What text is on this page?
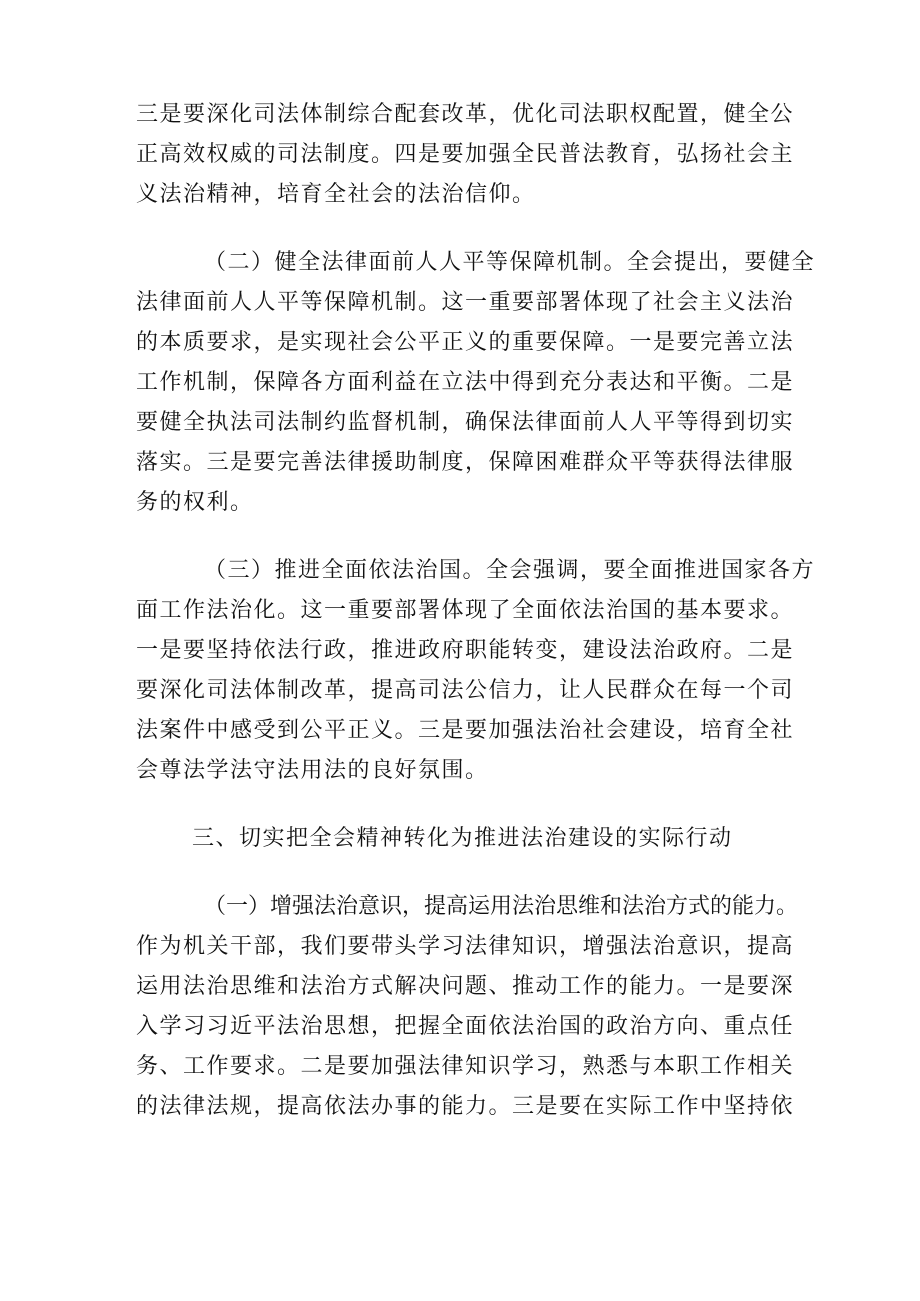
三是要深化司法体制综合配套改革，优化司法职权配置，健全公
正高效权威的司法制度。四是要加强全民普法教育，弘扬社会主
义法治精神，培育全社会的法治信仰。
（二）健全法律面前人人平等保障机制。全会提出，要健全
法律面前人人平等保障机制。这一重要部署体现了社会主义法治
的本质要求，是实现社会公平正义的重要保障。一是要完善立法
工作机制，保障各方面利益在立法中得到充分表达和平衡。二是
要健全执法司法制约监督机制，确保法律面前人人平等得到切实
落实。三是要完善法律援助制度，保障困难群众平等获得法律服
务的权利。
（三）推进全面依法治国。全会强调，要全面推进国家各方
面工作法治化。这一重要部署体现了全面依法治国的基本要求。
一是要坚持依法行政，推进政府职能转变，建设法治政府。二是
要深化司法体制改革，提高司法公信力，让人民群众在每一个司
法案件中感受到公平正义。三是要加强法治社会建设，培育全社
会尊法学法守法用法的良好氛围。
三、切实把全会精神转化为推进法治建设的实际行动
（一）增强法治意识，提高运用法治思维和法治方式的能力。
作为机关干部，我们要带头学习法律知识，增强法治意识，提高
运用法治思维和法治方式解决问题、推动工作的能力。一是要深
入学习习近平法治思想，把握全面依法治国的政治方向、重点任
务、工作要求。二是要加强法律知识学习，熟悉与本职工作相关
的法律法规，提高依法办事的能力。三是要在实际工作中坚持依
